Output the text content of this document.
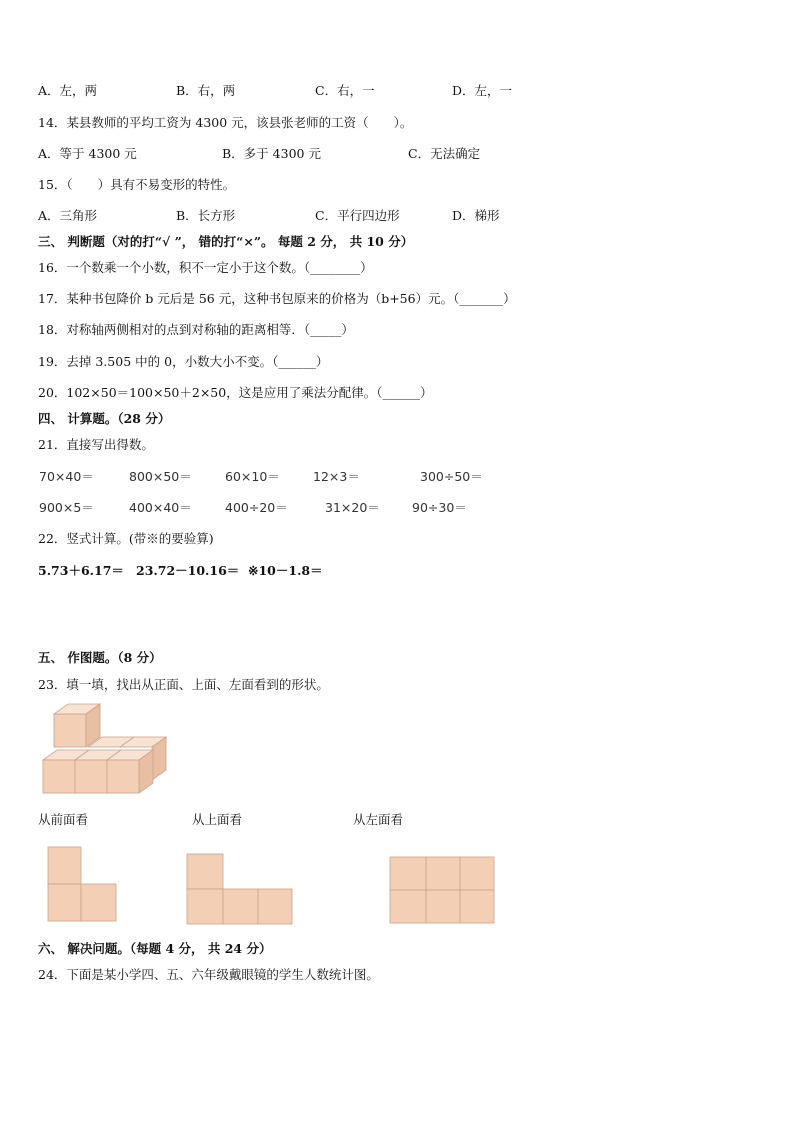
A．左，两	B．右，两	C．右，一	D．左，一
14．某县教师的平均工资为 4300 元，该县张老师的工资（　　）。
A．等于 4300 元	B．多于 4300 元	C．无法确定
15．（　　）具有不易变形的特性。
A．三角形	B．长方形	C．平行四边形	D．梯形
三、 判断题（对的打“√ ”， 错的打“×”。 每题 2 分， 共 10 分）
16．一个数乘一个小数，积不一定小于这个数。（________）
17．某种书包降价 b 元后是 56 元，这种书包原来的价格为（b+56）元。（_______）
18．对称轴两侧相对的点到对称轴的距离相等．（_____）
19．去掉 3.505 中的 0，小数大小不变。（______）
20．102×50＝100×50＋2×50，这是应用了乘法分配律。（______）
四、 计算题。（28 分）
21．直接写出得数。
70×40＝	800×50＝	60×10＝	12×3＝	300÷50＝
900×5＝	400×40＝	400÷20＝	31×20＝	90÷30＝
22．竖式计算。(带※的要验算)
5.73＋6.17＝ 23.72－10.16＝ ※10－1.8＝
五、 作图题。（8 分）
23．填一填，找出从正面、上面、左面看到的形状。
从前面看	从上面看	从左面看
六、 解决问题。（每题 4 分， 共 24 分）
24．下面是某小学四、五、六年级戴眼镜的学生人数统计图。
